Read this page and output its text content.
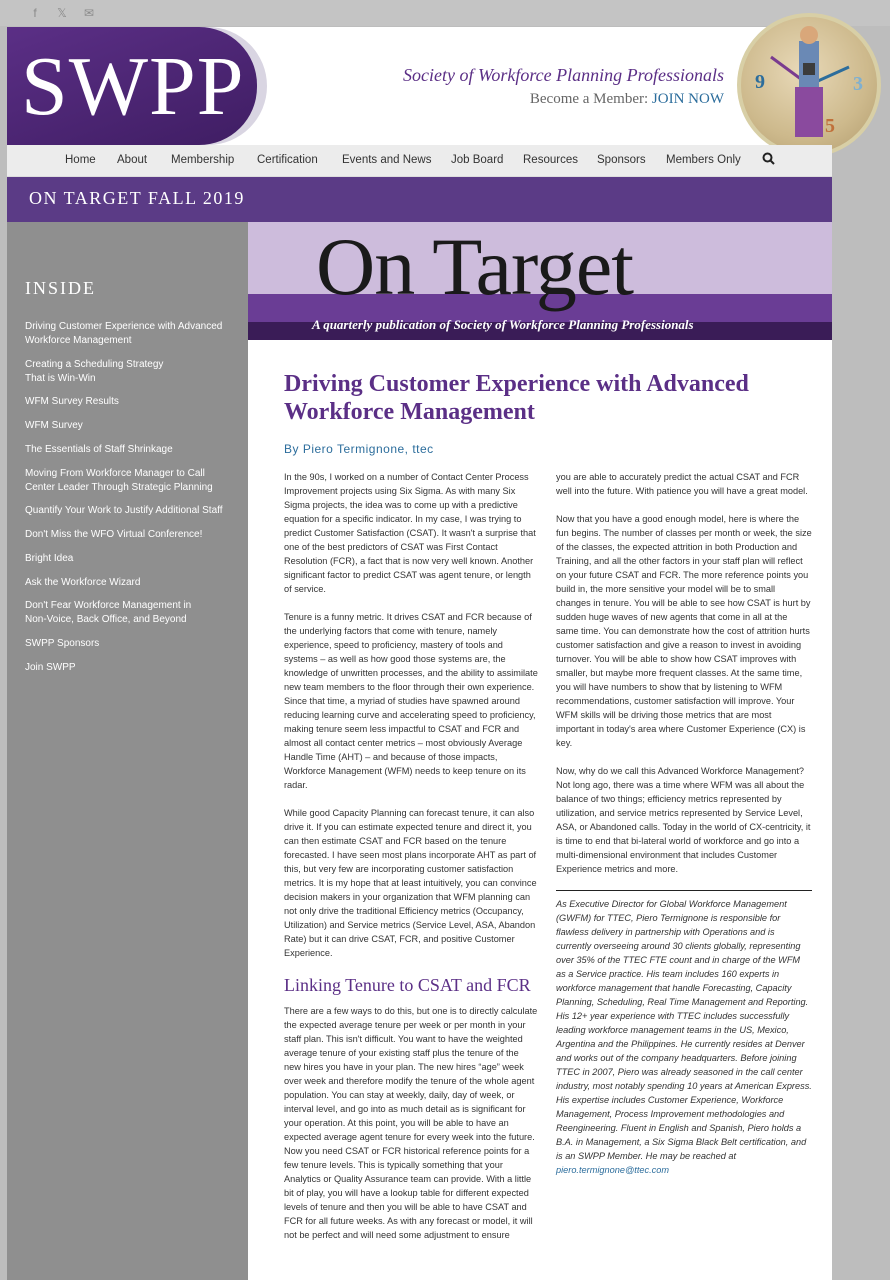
f	𝕏 ✉
SWPP	Society of Workforce Planning Professionals
Become a Member: JOIN NOW
9	3
5
Home About Membership Certification Events and News Job Board Resources Sponsors Members Only
ON TARGET FALL 2019
INSIDE
Driving Customer Experience with Advanced Workforce Management
Creating a Scheduling Strategy That is Win-Win
WFM Survey Results
WFM Survey
The Essentials of Staff Shrinkage
Moving From Workforce Manager to Call Center Leader Through Strategic Planning
Quantify Your Work to Justify Additional Staff
Don't Miss the WFO Virtual Conference!
Bright Idea
Ask the Workforce Wizard
Don't Fear Workforce Management in Non-Voice, Back Office, and Beyond
SWPP Sponsors
Join SWPP
On Target
A quarterly publication of Society of Workforce Planning Professionals
Driving Customer Experience with Advanced Workforce Management
By Piero Termignone, ttec

In the 90s, I worked on a number of Contact Center Process Improvement projects using Six Sigma. As with many Six Sigma projects, the idea was to come up with a predictive equation for a specific indicator. In my case, I was trying to predict Customer Satisfaction (CSAT). It wasn't a surprise that one of the best predictors of CSAT was First Contact Resolution (FCR), a fact that is now very well known. Another significant factor to predict CSAT was agent tenure, or length of service.

Tenure is a funny metric. It drives CSAT and FCR because of the underlying factors that come with tenure, namely experience, speed to proficiency, mastery of tools and systems – as well as how good those systems are, the knowledge of unwritten processes, and the ability to assimilate new team members to the floor through their own experience. Since that time, a myriad of studies have spawned around reducing learning curve and accelerating speed to proficiency, making tenure seem less impactful to CSAT and FCR and almost all contact center metrics – most obviously Average Handle Time (AHT) – and because of those impacts, Workforce Management (WFM) needs to keep tenure on its radar.

While good Capacity Planning can forecast tenure, it can also drive it. If you can estimate expected tenure and direct it, you can then estimate CSAT and FCR based on the tenure forecasted. I have seen most plans incorporate AHT as part of this, but very few are incorporating customer satisfaction metrics. It is my hope that at least intuitively, you can convince decision makers in your organization that WFM planning can not only drive the traditional Efficiency metrics (Occupancy, Utilization) and Service metrics (Service Level, ASA, Abandon Rate) but it can drive CSAT, FCR, and positive Customer Experience.

Linking Tenure to CSAT and FCR

There are a few ways to do this, but one is to directly calculate the expected average tenure per week or per month in your staff plan. This isn't difficult. You want to have the weighted average tenure of your existing staff plus the tenure of the new hires you have in your plan. The new hires “age” week over week and therefore modify the tenure of the whole agent population. You can stay at weekly, daily, day of week, or interval level, and go into as much detail as is significant for your operation. At this point, you will be able to have an expected average agent tenure for every week into the future. Now you need CSAT or FCR historical reference points for a few tenure levels. This is typically something that your Analytics or Quality Assurance team can provide. With a little bit of play, you will have a lookup table for different expected levels of tenure and then you will be able to have CSAT and FCR for all future weeks. As with any forecast or model, it will not be perfect and will need some adjustment to ensure

you are able to accurately predict the actual CSAT and FCR well into the future. With patience you will have a great model.

Now that you have a good enough model, here is where the fun begins. The number of classes per month or week, the size of the classes, the expected attrition in both Production and Training, and all the other factors in your staff plan will reflect on your future CSAT and FCR. The more reference points you build in, the more sensitive your model will be to small changes in tenure. You will be able to see how CSAT is hurt by sudden huge waves of new agents that come in all at the same time. You can demonstrate how the cost of attrition hurts customer satisfaction and give a reason to invest in avoiding turnover. You will be able to show how CSAT improves with smaller, but maybe more frequent classes. At the same time, you will have numbers to show that by listening to WFM recommendations, customer satisfaction will improve. Your WFM skills will be driving those metrics that are most important in today's area where Customer Experience (CX) is key.

Now, why do we call this Advanced Workforce Management? Not long ago, there was a time where WFM was all about the balance of two things; efficiency metrics represented by utilization, and service metrics represented by Service Level, ASA, or Abandoned calls. Today in the world of CX-centricity, it is time to end that bi-lateral world of workforce and go into a multi-dimensional environment that includes Customer Experience metrics and more.

As Executive Director for Global Workforce Management (GWFM) for TTEC, Piero Termignone is responsible for flawless delivery in partnership with Operations and is currently overseeing around 30 clients globally, representing over 35% of the TTEC FTE count and in charge of the WFM as a Service practice. His team includes 160 experts in workforce management that handle Forecasting, Capacity Planning, Scheduling, Real Time Management and Reporting. His 12+ year experience with TTEC includes successfully leading workforce management teams in the US, Mexico, Argentina and the Philippines. He currently resides at Denver and works out of the company headquarters. Before joining TTEC in 2007, Piero was already seasoned in the call center industry, most notably spending 10 years at American Express. His expertise includes Customer Experience, Workforce Management, Process Improvement methodologies and Reengineering. Fluent in English and Spanish, Piero holds a B.A. in Management, a Six Sigma Black Belt certification, and is an SWPP Member. He may be reached at piero.termignone@ttec.com
